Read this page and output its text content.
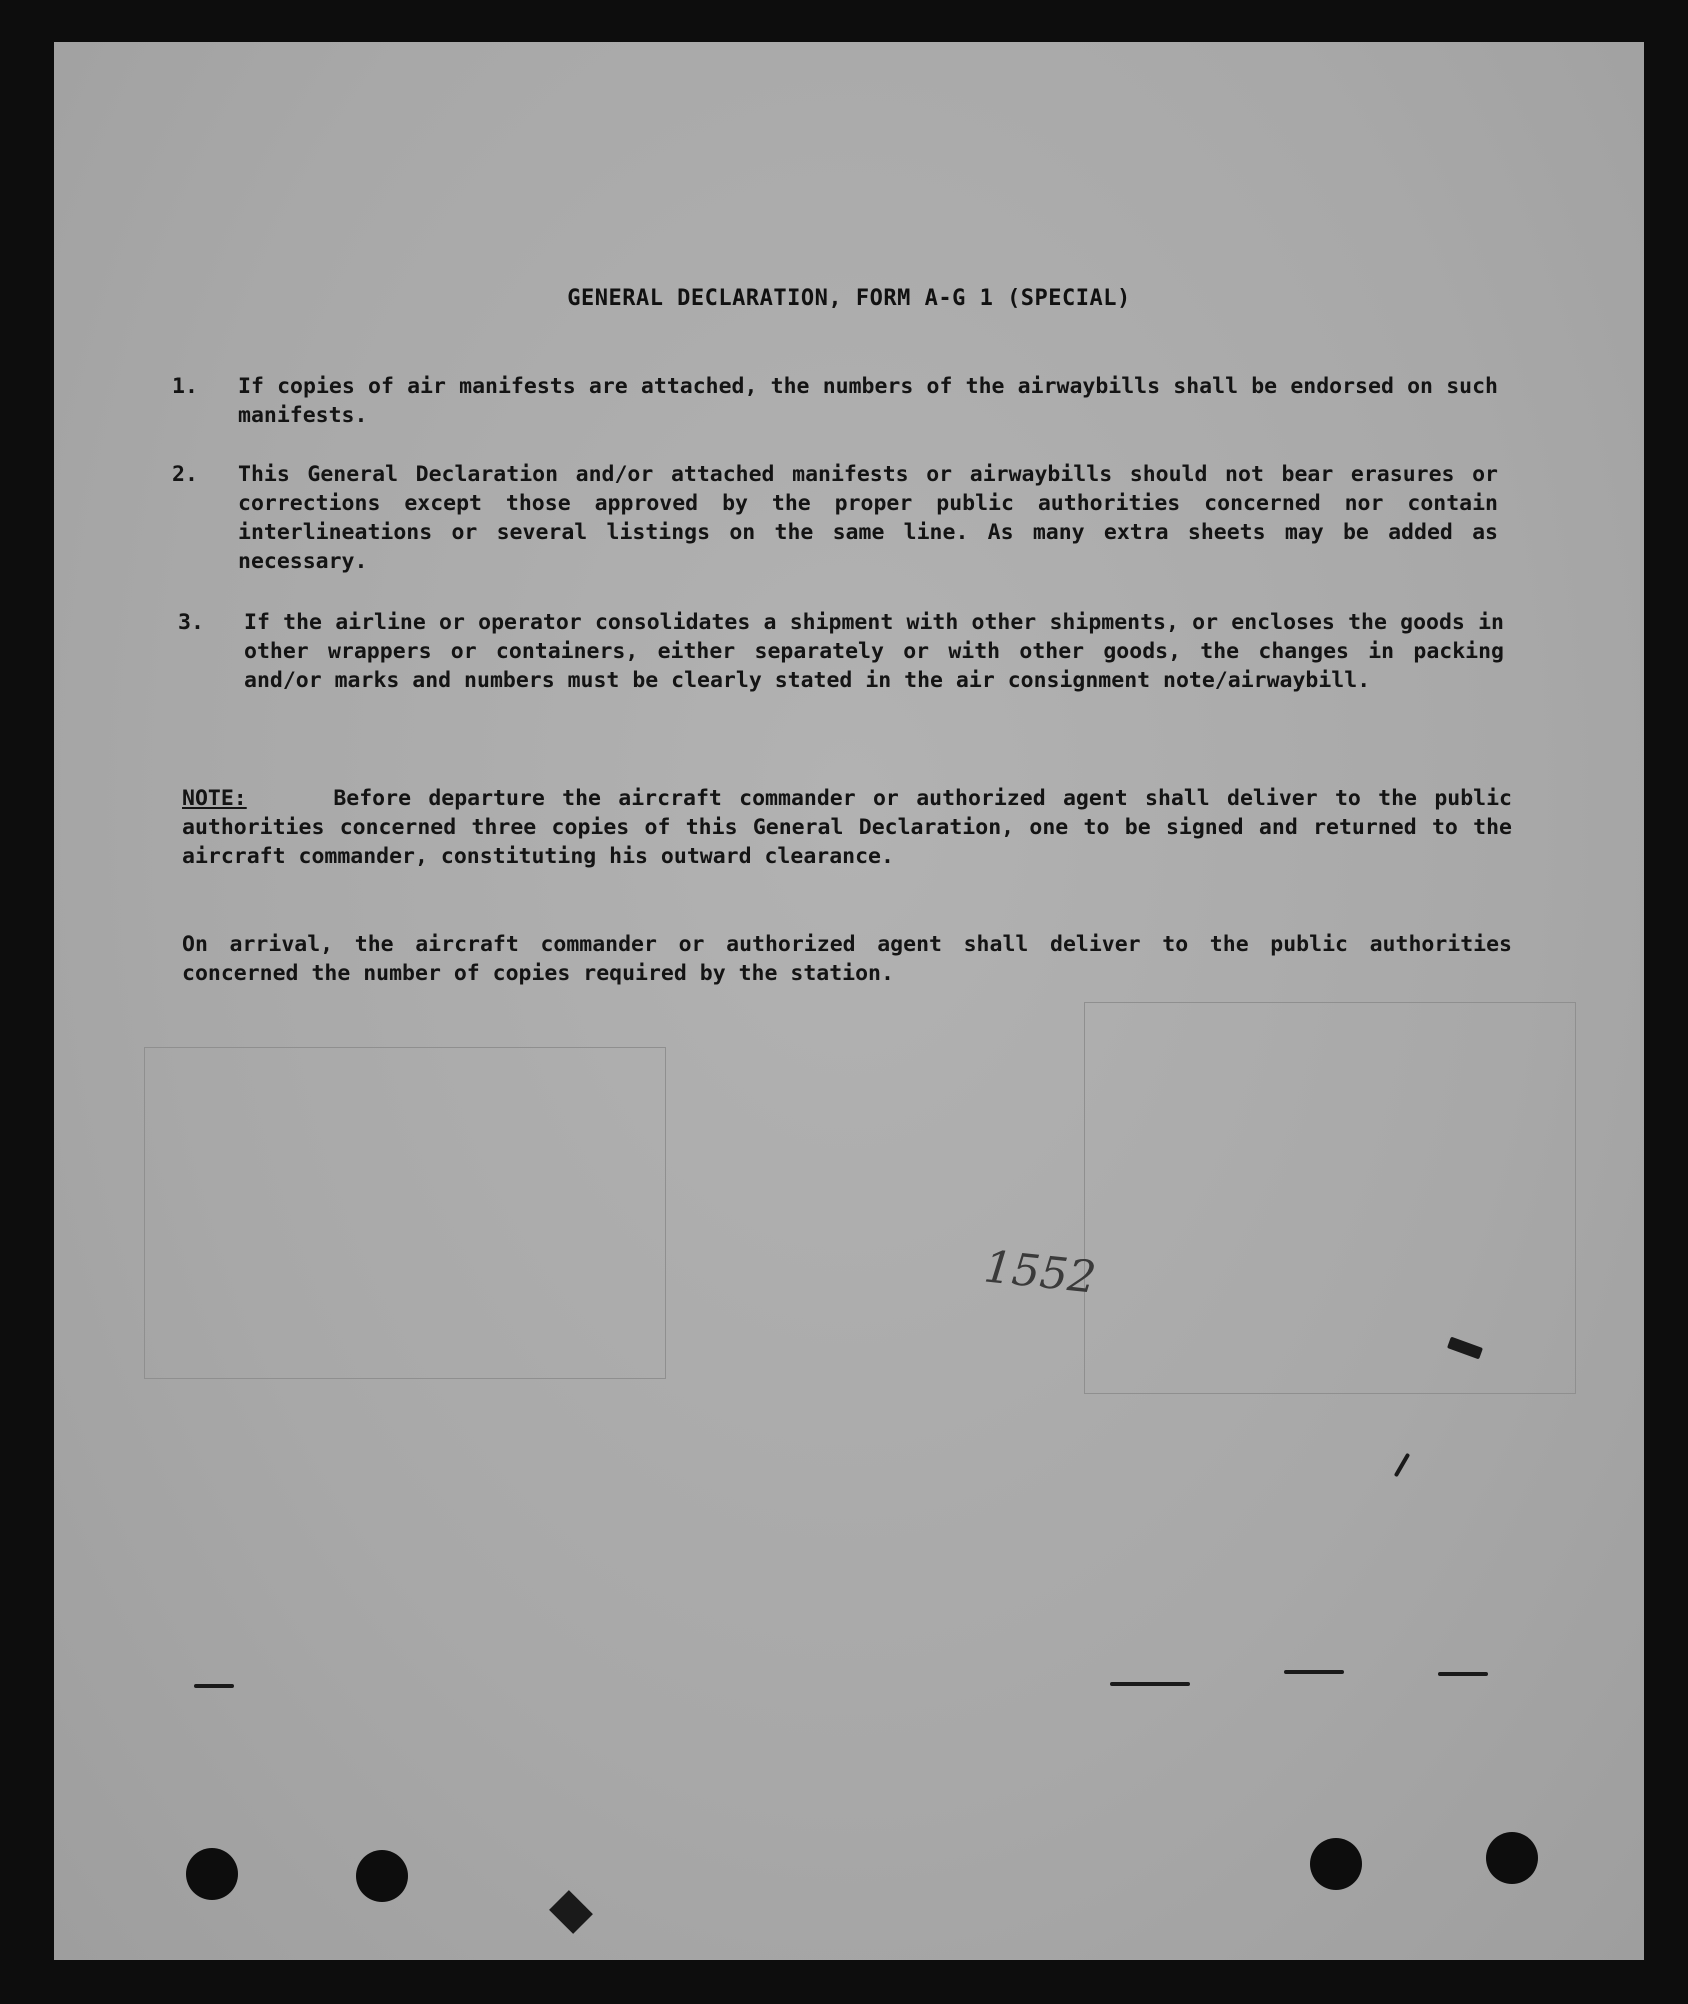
GENERAL DECLARATION, FORM A-G 1 (SPECIAL)
1. If copies of air manifests are attached, the numbers of the airwaybills shall be endorsed on such manifests.
2. This General Declaration and/or attached manifests or airwaybills should not bear erasures or corrections except those approved by the proper public authorities concerned nor contain interlineations or several listings on the same line. As many extra sheets may be added as necessary.
3. If the airline or operator consolidates a shipment with other shipments, or encloses the goods in other wrappers or containers, either separately or with other goods, the changes in packing and/or marks and numbers must be clearly stated in the air consignment note/airwaybill.
NOTE:	Before departure the aircraft commander or authorized agent shall deliver to the public authorities concerned three copies of this General Declaration, one to be signed and returned to the aircraft commander, constituting his outward clearance.
On arrival, the aircraft commander or authorized agent shall deliver to the public authorities concerned the number of copies required by the station.
1552
